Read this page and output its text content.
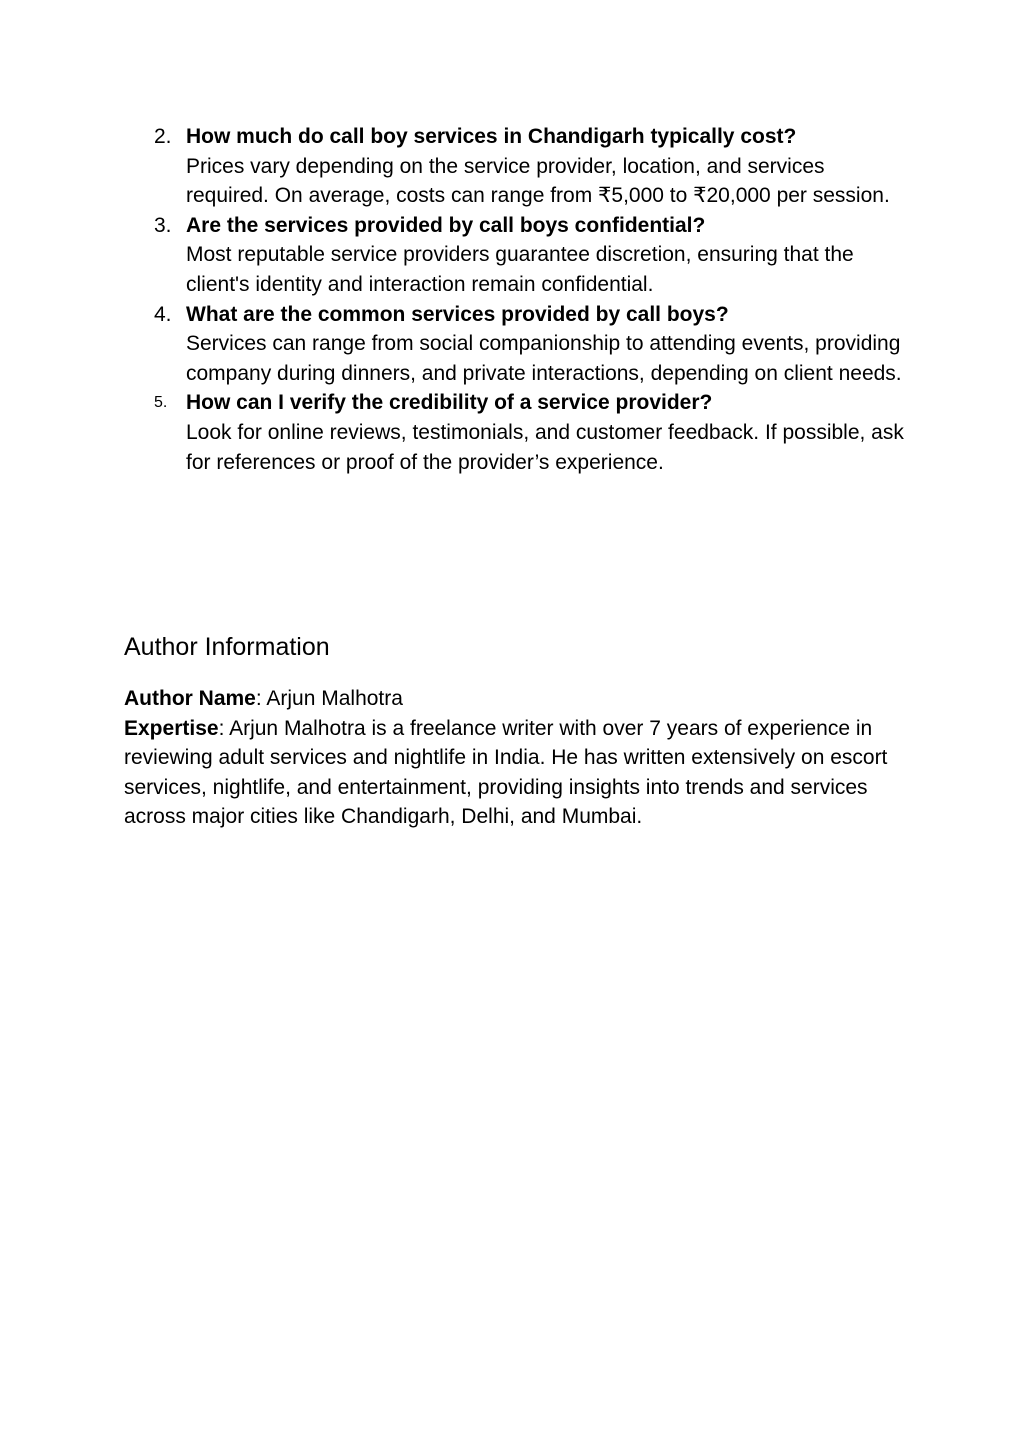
2. How much do call boy services in Chandigarh typically cost?
Prices vary depending on the service provider, location, and services required. On average, costs can range from ₹5,000 to ₹20,000 per session.
3. Are the services provided by call boys confidential?
Most reputable service providers guarantee discretion, ensuring that the client's identity and interaction remain confidential.
4. What are the common services provided by call boys?
Services can range from social companionship to attending events, providing company during dinners, and private interactions, depending on client needs.
5. How can I verify the credibility of a service provider?
Look for online reviews, testimonials, and customer feedback. If possible, ask for references or proof of the provider’s experience.
Author Information
Author Name: Arjun Malhotra
Expertise: Arjun Malhotra is a freelance writer with over 7 years of experience in reviewing adult services and nightlife in India. He has written extensively on escort services, nightlife, and entertainment, providing insights into trends and services across major cities like Chandigarh, Delhi, and Mumbai.
